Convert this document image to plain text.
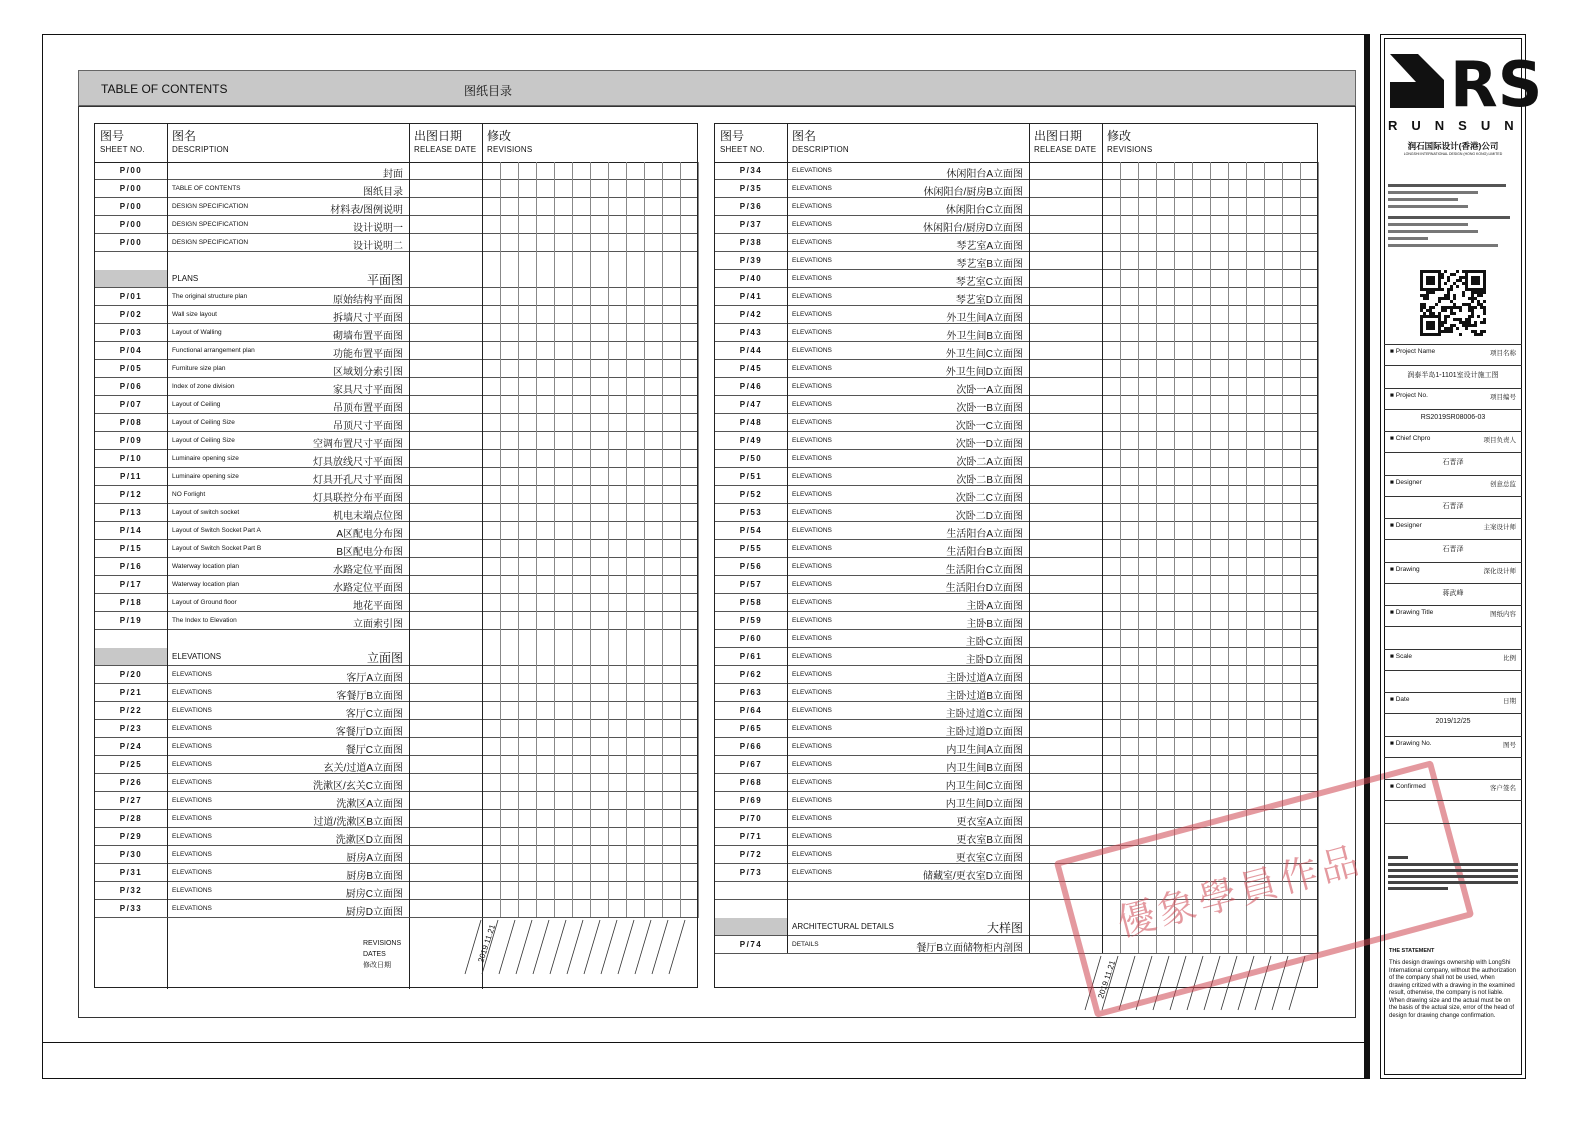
TABLE OF CONTENTS	图纸目录
图号
SHEET NO.
图名
DESCRIPTION
出图日期
RELEASE DATE
修改
REVISIONS
P/00	封面
P/00	TABLE OF CONTENTS	图纸目录
P/00	DESIGN SPECIFICATION	材料表/图例说明
P/00	DESIGN SPECIFICATION	设计说明一
P/00	DESIGN SPECIFICATION	设计说明二
PLANS	平面图
P/01	The original structure plan	原始结构平面图
P/02	Wall size layout	拆墙尺寸平面图
P/03	Layout of Walling	砌墙布置平面图
P/04	Functional arrangement plan	功能布置平面图
P/05	Furniture size plan	区域划分索引图
P/06	Index of zone division	家具尺寸平面图
P/07	Layout of Ceiling	吊顶布置平面图
P/08	Layout of Ceiling Size	吊顶尺寸平面图
P/09	Layout of Ceiling Size	空调布置尺寸平面图
P/10	Luminaire opening size	灯具放线尺寸平面图
P/11	Luminaire opening size	灯具开孔尺寸平面图
P/12	NO Forlight	灯具联控分布平面图
P/13	Layout of switch socket	机电末端点位图
P/14	Layout of Switch Socket Part A	A区配电分布图
P/15	Layout of Switch Socket Part B	B区配电分布图
P/16	Waterway location plan	水路定位平面图
P/17	Waterway location plan	水路定位平面图
P/18	Layout of Ground floor	地花平面图
P/19	The Index to Elevation	立面索引图
ELEVATIONS	立面图
P/20	ELEVATIONS	客厅A立面图
P/21	ELEVATIONS	客餐厅B立面图
P/22	ELEVATIONS	客厅C立面图
P/23	ELEVATIONS	客餐厅D立面图
P/24	ELEVATIONS	餐厅C立面图
P/25	ELEVATIONS	玄关/过道A立面图
P/26	ELEVATIONS	洗漱区/玄关C立面图
P/27	ELEVATIONS	洗漱区A立面图
P/28	ELEVATIONS	过道/洗漱区B立面图
P/29	ELEVATIONS	洗漱区D立面图
P/30	ELEVATIONS	厨房A立面图
P/31	ELEVATIONS	厨房B立面图
P/32	ELEVATIONS	厨房C立面图
P/33	ELEVATIONS	厨房D立面图
2019.11.21
REVISIONS
DATES
修改日期
图号
SHEET NO.
图名
DESCRIPTION
出图日期
RELEASE DATE
修改
REVISIONS
P/34	ELEVATIONS	休闲阳台A立面图
P/35	ELEVATIONS	休闲阳台/厨房B立面图
P/36	ELEVATIONS	休闲阳台C立面图
P/37	ELEVATIONS	休闲阳台/厨房D立面图
P/38	ELEVATIONS	琴艺室A立面图
P/39	ELEVATIONS	琴艺室B立面图
P/40	ELEVATIONS	琴艺室C立面图
P/41	ELEVATIONS	琴艺室D立面图
P/42	ELEVATIONS	外卫生间A立面图
P/43	ELEVATIONS	外卫生间B立面图
P/44	ELEVATIONS	外卫生间C立面图
P/45	ELEVATIONS	外卫生间D立面图
P/46	ELEVATIONS	次卧一A立面图
P/47	ELEVATIONS	次卧一B立面图
P/48	ELEVATIONS	次卧一C立面图
P/49	ELEVATIONS	次卧一D立面图
P/50	ELEVATIONS	次卧二A立面图
P/51	ELEVATIONS	次卧二B立面图
P/52	ELEVATIONS	次卧二C立面图
P/53	ELEVATIONS	次卧二D立面图
P/54	ELEVATIONS	生活阳台A立面图
P/55	ELEVATIONS	生活阳台B立面图
P/56	ELEVATIONS	生活阳台C立面图
P/57	ELEVATIONS	生活阳台D立面图
P/58	ELEVATIONS	主卧A立面图
P/59	ELEVATIONS	主卧B立面图
P/60	ELEVATIONS	主卧C立面图
P/61	ELEVATIONS	主卧D立面图
P/62	ELEVATIONS	主卧过道A立面图
P/63	ELEVATIONS	主卧过道B立面图
P/64	ELEVATIONS	主卧过道C立面图
P/65	ELEVATIONS	主卧过道D立面图
P/66	ELEVATIONS	内卫生间A立面图
P/67	ELEVATIONS	内卫生间B立面图
P/68	ELEVATIONS	内卫生间C立面图
P/69	ELEVATIONS	内卫生间D立面图
P/70	ELEVATIONS	更衣室A立面图
P/71	ELEVATIONS	更衣室B立面图
P/72	ELEVATIONS	更衣室C立面图
P/73	ELEVATIONS	储藏室/更衣室D立面图
ARCHITECTURAL DETAILS	大样图
P/74	DETAILS	餐厅B立面储物柜内剖图
2019.11.21
優象學員作品
RS
RUNSUN
润石国际设计(香港)公司
LONGSHI INTERNATIONAL DESIGN (HONG KONG) LIMITED
■ Project Name	项目名称
润泰半岛1-1101室设计施工图
■ Project No.	项目编号
RS2019SR08006-03
■ Chief Chpro	项目负责人
石晋泽
■ Designer	创意总监
石晋泽
■ Designer	主案设计师
石晋泽
■ Drawing	深化设计师
蒋武峰
■ Drawing Title	图纸内容
■ Scale	比例
■ Date	日期
2019/12/25
■ Drawing No.	图号
■ Confirmed	客户签名
THE STATEMENT
This design drawings ownership with LongShi International company, without the authorization of the company shall not be used, when drawing critized with a drawing in the examined result, otherwise, the company is not liable. When drawing size and the actual must be on the basis of the actual size, error of the head of design for drawing change confirmation.
